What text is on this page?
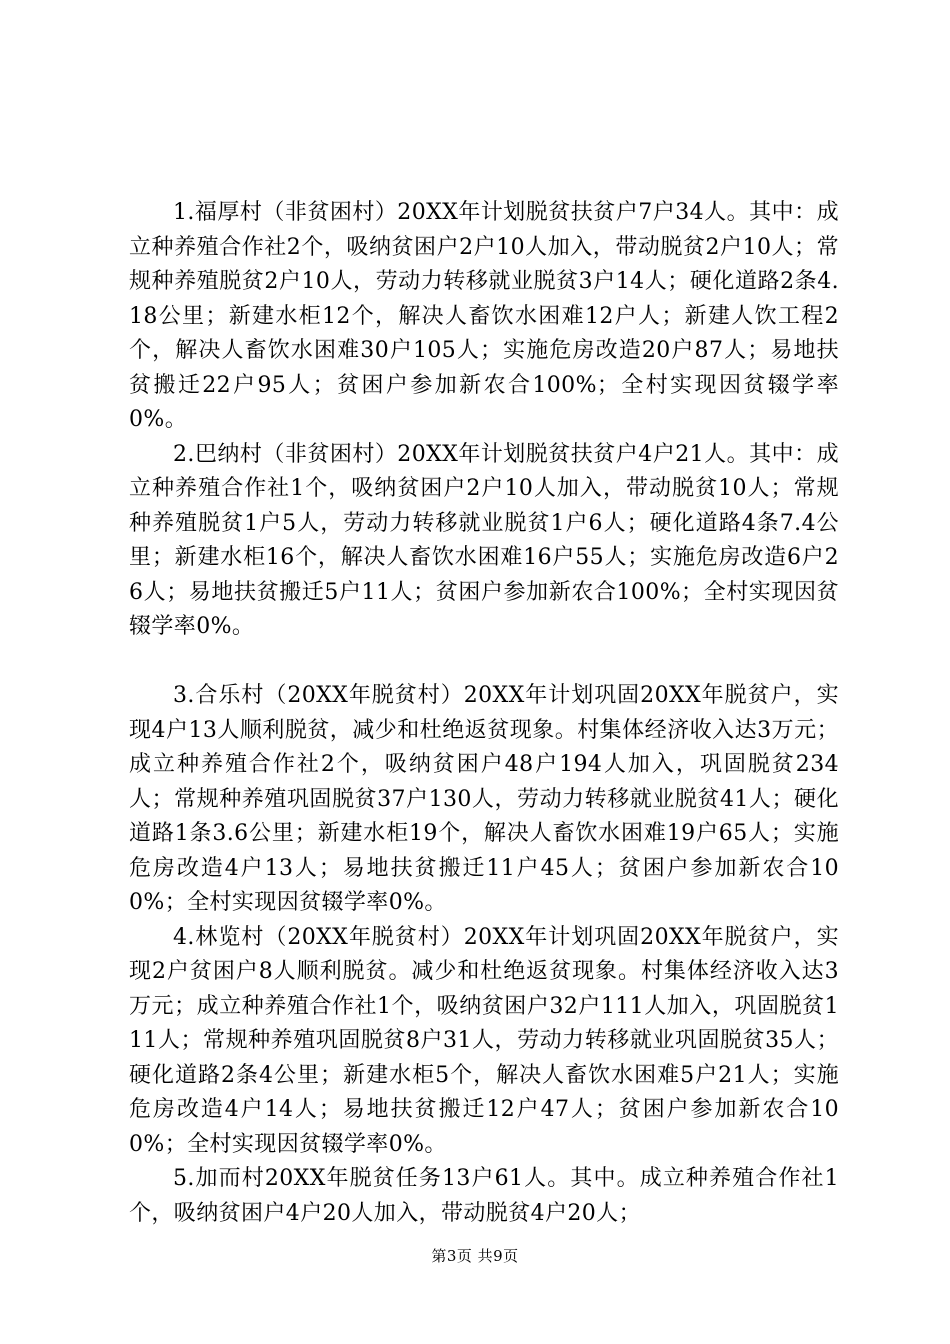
1.福厚村（非贫困村）20XX年计划脱贫扶贫户7户34人。其中：成立种养殖合作社2个，吸纳贫困户2户10人加入，带动脱贫2户10人；常规种养殖脱贫2户10人，劳动力转移就业脱贫3户14人；硬化道路2条4.18公里；新建水柜12个，解决人畜饮水困难12户人；新建人饮工程2个，解决人畜饮水困难30户105人；实施危房改造20户87人；易地扶贫搬迁22户95人；贫困户参加新农合100%；全村实现因贫辍学率0%。

2.巴纳村（非贫困村）20XX年计划脱贫扶贫户4户21人。其中：成立种养殖合作社1个，吸纳贫困户2户10人加入，带动脱贫10人；常规种养殖脱贫1户5人，劳动力转移就业脱贫1户6人；硬化道路4条7.4公里；新建水柜16个，解决人畜饮水困难16户55人；实施危房改造6户26人；易地扶贫搬迁5户11人；贫困户参加新农合100%；全村实现因贫辍学率0%。

3.合乐村（20XX年脱贫村）20XX年计划巩固20XX年脱贫户，实现4户13人顺利脱贫，减少和杜绝返贫现象。村集体经济收入达3万元；成立种养殖合作社2个，吸纳贫困户48户194人加入，巩固脱贫234人；常规种养殖巩固脱贫37户130人，劳动力转移就业脱贫41人；硬化道路1条3.6公里；新建水柜19个，解决人畜饮水困难19户65人；实施危房改造4户13人；易地扶贫搬迁11户45人；贫困户参加新农合100%；全村实现因贫辍学率0%。

4.林览村（20XX年脱贫村）20XX年计划巩固20XX年脱贫户，实现2户贫困户8人顺利脱贫。减少和杜绝返贫现象。村集体经济收入达3万元；成立种养殖合作社1个，吸纳贫困户32户111人加入，巩固脱贫111人；常规种养殖巩固脱贫8户31人，劳动力转移就业巩固脱贫35人；硬化道路2条4公里；新建水柜5个，解决人畜饮水困难5户21人；实施危房改造4户14人；易地扶贫搬迁12户47人；贫困户参加新农合100%；全村实现因贫辍学率0%。

5.加而村20XX年脱贫任务13户61人。其中。成立种养殖合作社1个，吸纳贫困户4户20人加入，带动脱贫4户20人；

第3页 共9页
